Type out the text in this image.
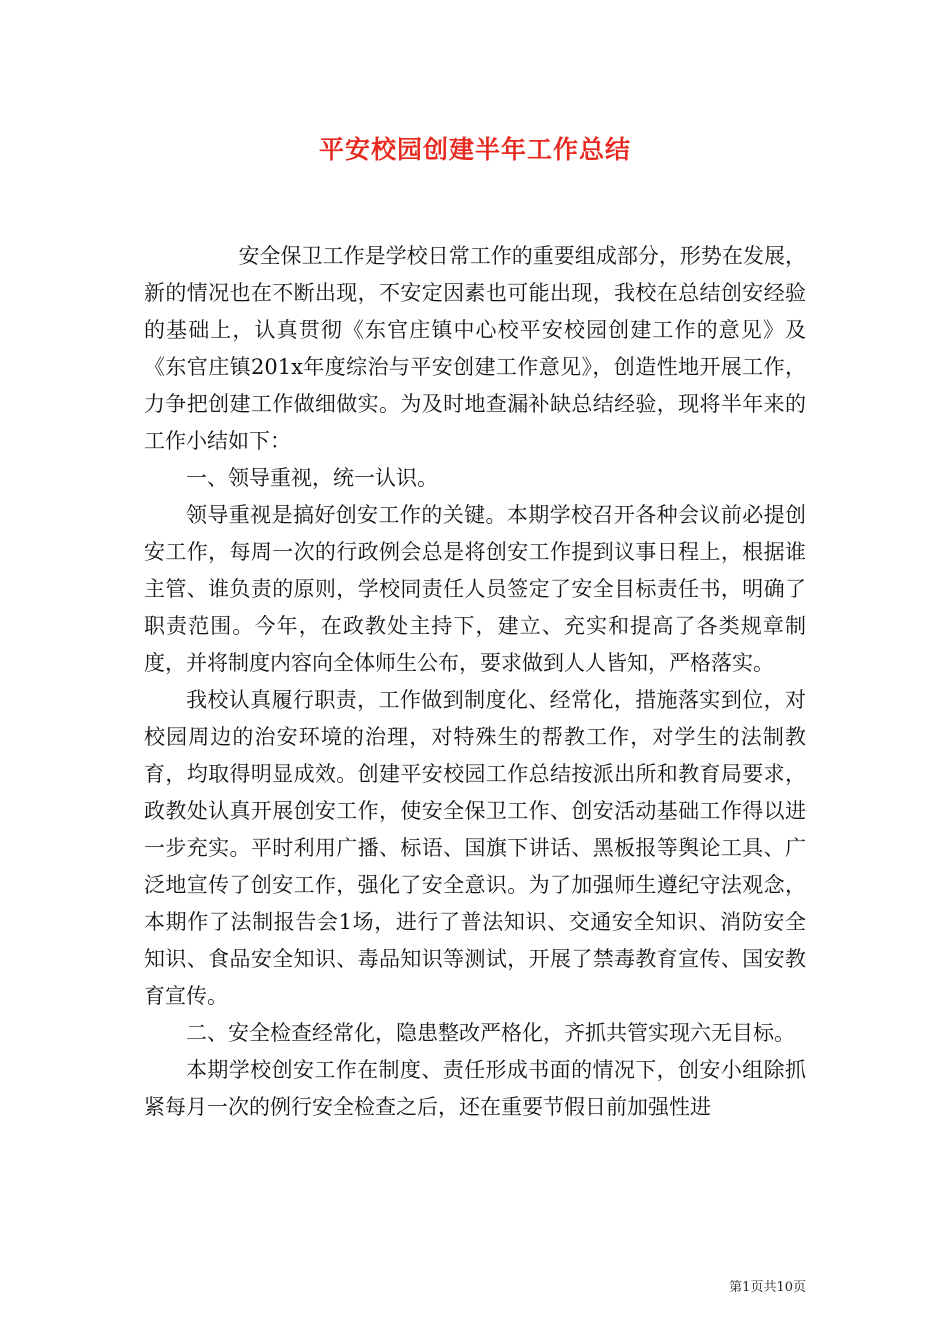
平安校园创建半年工作总结

安全保卫工作是学校日常工作的重要组成部分，形势在发展，新的情况也在不断出现，不安定因素也可能出现，我校在总结创安经验的基础上，认真贯彻《东官庄镇中心校平安校园创建工作的意见》及《东官庄镇201x年度综治与平安创建工作意见》，创造性地开展工作，力争把创建工作做细做实。为及时地查漏补缺总结经验，现将半年来的工作小结如下：

一、领导重视，统一认识。

领导重视是搞好创安工作的关键。本期学校召开各种会议前必提创安工作，每周一次的行政例会总是将创安工作提到议事日程上，根据谁主管、谁负责的原则，学校同责任人员签定了安全目标责任书，明确了职责范围。今年，在政教处主持下，建立、充实和提高了各类规章制度，并将制度内容向全体师生公布，要求做到人人皆知，严格落实。

我校认真履行职责，工作做到制度化、经常化，措施落实到位，对校园周边的治安环境的治理，对特殊生的帮教工作，对学生的法制教育，均取得明显成效。创建平安校园工作总结按派出所和教育局要求，政教处认真开展创安工作，使安全保卫工作、创安活动基础工作得以进一步充实。平时利用广播、标语、国旗下讲话、黑板报等舆论工具、广泛地宣传了创安工作，强化了安全意识。为了加强师生遵纪守法观念，本期作了法制报告会1场，进行了普法知识、交通安全知识、消防安全知识、食品安全知识、毒品知识等测试，开展了禁毒教育宣传、国安教育宣传。

二、安全检查经常化，隐患整改严格化，齐抓共管实现六无目标。

本期学校创安工作在制度、责任形成书面的情况下，创安小组除抓紧每月一次的例行安全检查之后，还在重要节假日前加强性进

第1页共10页
